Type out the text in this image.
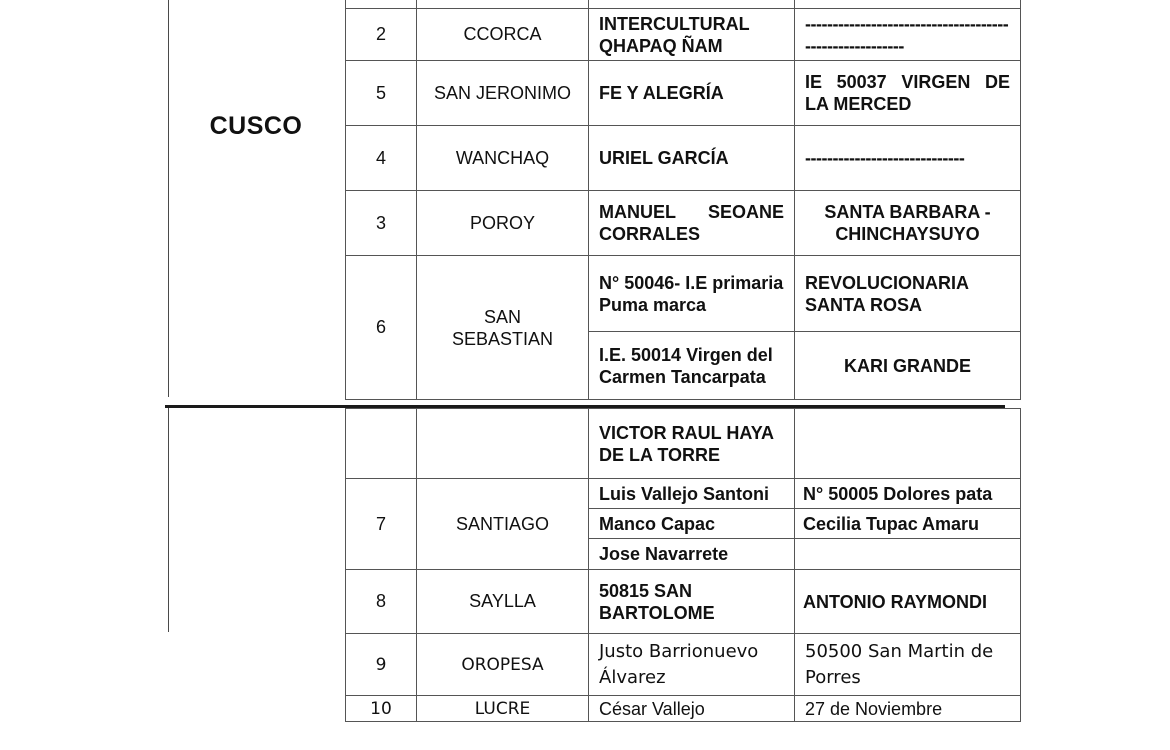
CUSCO

2	CCORCA	INTERCULTURAL QHAPAQ ÑAM	-------------------------------------------------------

5	SAN JERONIMO	FE Y ALEGRÍA	IE 50037 VIRGEN DE LA MERCED
4	WANCHAQ	URIEL GARCÍA	-----------------------------
3	POROY	MANUEL SEOANE CORRALES	SANTA BARBARA - CHINCHAYSUYO
6	SAN SEBASTIAN	N° 50046- I.E primaria Puma marca	REVOLUCIONARIA SANTA ROSA
		I.E. 50014 Virgen del Carmen Tancarpata	KARI GRANDE
		VICTOR RAUL HAYA DE LA TORRE	
7	SANTIAGO	Luis Vallejo Santoni	N° 50005 Dolores pata
		Manco Capac	Cecilia Tupac Amaru
		Jose Navarrete	
8	SAYLLA	50815 SAN BARTOLOME	ANTONIO RAYMONDI
9	OROPESA	Justo Barrionuevo Álvarez	50500 San Martin de Porres
10	LUCRE	César Vallejo	27 de Noviembre
